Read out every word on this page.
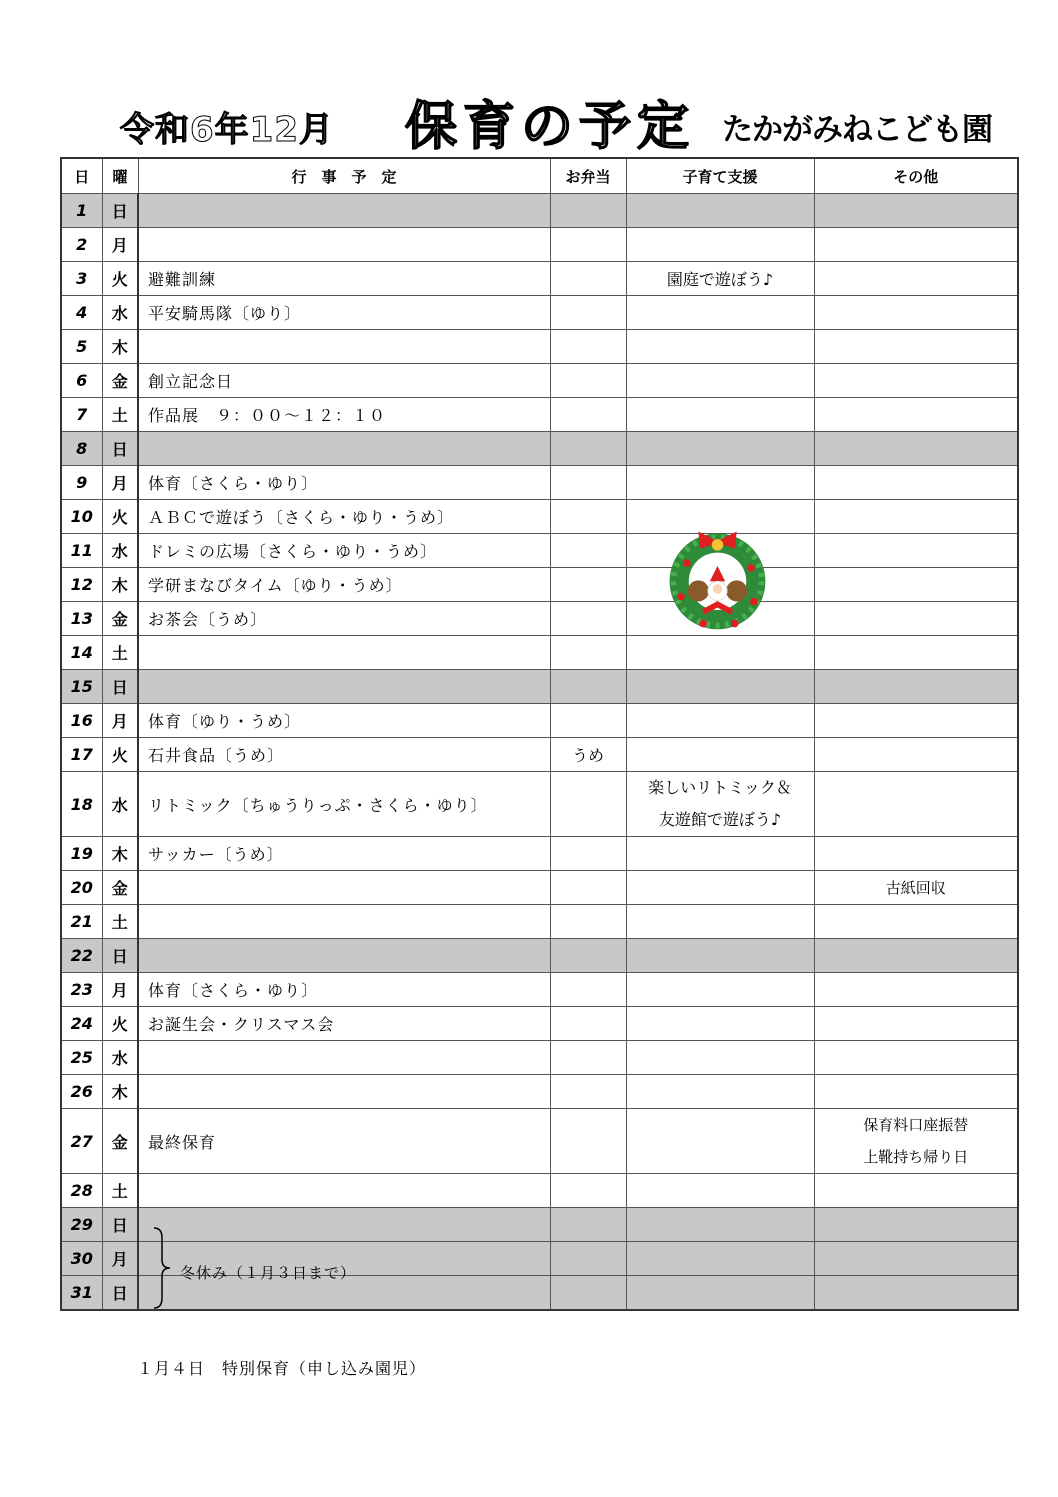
令和6年12月 保育の予定 たかがみねこども園
日	曜	行　事　予　定	お弁当	子育て支援	その他
1	日				
2	月				
3	火	避難訓練		園庭で遊ぼう♪	
4	水	平安騎馬隊〔ゆり〕			
5	木				
6	金	創立記念日			
7	土	作品展　９：００～１２：１０			
8	日				
9	月	体育〔さくら・ゆり〕			
10	火	ＡＢＣで遊ぼう〔さくら・ゆり・うめ〕			
11	水	ドレミの広場〔さくら・ゆり・うめ〕			
12	木	学研まなびタイム〔ゆり・うめ〕			
13	金	お茶会〔うめ〕			
14	土				
15	日				
16	月	体育〔ゆり・うめ〕			
17	火	石井食品〔うめ〕	うめ		
18	水	リトミック〔ちゅうりっぷ・さくら・ゆり〕		楽しいリトミック＆
友遊館で遊ぼう♪	

19	木	サッカー〔うめ〕			
20	金				古紙回収
21	土				
22	日				
23	月	体育〔さくら・ゆり〕			
24	火	お誕生会・クリスマス会			
25	水				
26	木				
27	金	最終保育			保育料口座振替
上靴持ち帰り日

28	土				
29	日				
30	月				
31	日				
冬休み（１月３日まで）
１月４日　特別保育（申し込み園児）
